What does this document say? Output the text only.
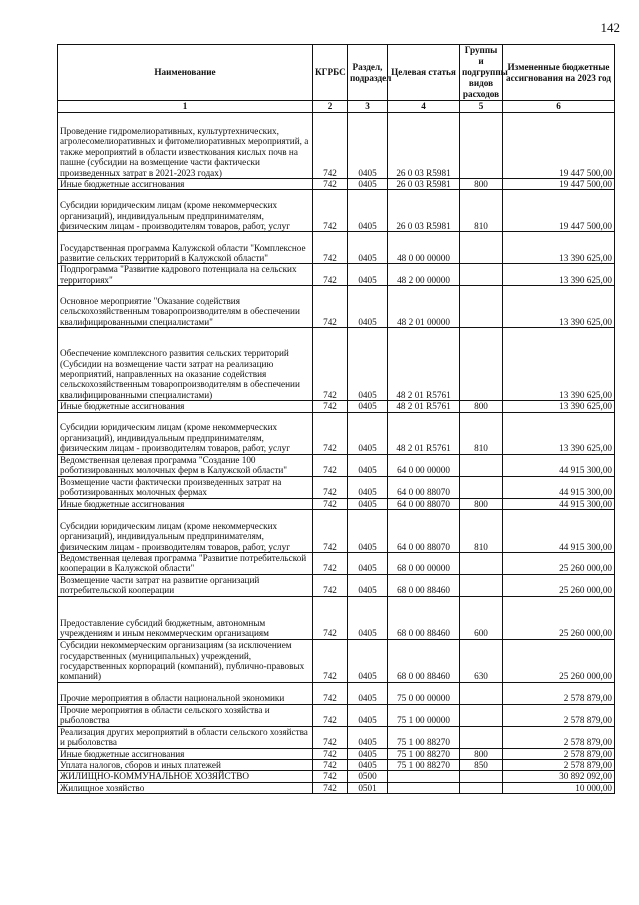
142
Наименование	КГРБС	Раздел, подраздел	Целевая статья	Группы и подгруппы видов расходов	Измененные бюджетные ассигнования на 2023 год
1	2	3	4	5	6
Проведение гидромелиоративных, культуртехнических, агролесомелиоративных и фитомелиоративных мероприятий, а также мероприятий в области известкования кислых почв на пашне (субсидии на возмещение части фактически произведенных затрат в 2021-2023 годах)	742	0405	26 0 03 R5981		19 447 500,00
Иные бюджетные ассигнования	742	0405	26 0 03 R5981	800	19 447 500,00
Субсидии юридическим лицам (кроме некоммерческих организаций), индивидуальным предпринимателям, физическим лицам - производителям товаров, работ, услуг	742	0405	26 0 03 R5981	810	19 447 500,00
Государственная программа Калужской области "Комплексное развитие сельских территорий в Калужской области"	742	0405	48 0 00 00000		13 390 625,00
Подпрограмма "Развитие кадрового потенциала на сельских территориях"	742	0405	48 2 00 00000		13 390 625,00
Основное мероприятие "Оказание содействия сельскохозяйственным товаропроизводителям в обеспечении квалифицированными специалистами"	742	0405	48 2 01 00000		13 390 625,00
Обеспечение комплексного развития сельских территорий (Субсидии на возмещение части затрат на реализацию мероприятий, направленных на оказание содействия сельскохозяйственным товаропроизводителям в обеспечении квалифицированными специалистами)	742	0405	48 2 01 R5761		13 390 625,00
Иные бюджетные ассигнования	742	0405	48 2 01 R5761	800	13 390 625,00
Субсидии юридическим лицам (кроме некоммерческих организаций), индивидуальным предпринимателям, физическим лицам - производителям товаров, работ, услуг	742	0405	48 2 01 R5761	810	13 390 625,00
Ведомственная целевая программа "Создание 100 роботизированных молочных ферм в Калужской области"	742	0405	64 0 00 00000		44 915 300,00
Возмещение части фактически произведенных затрат на роботизированных молочных фермах	742	0405	64 0 00 88070		44 915 300,00
Иные бюджетные ассигнования	742	0405	64 0 00 88070	800	44 915 300,00
Субсидии юридическим лицам (кроме некоммерческих организаций), индивидуальным предпринимателям, физическим лицам - производителям товаров, работ, услуг	742	0405	64 0 00 88070	810	44 915 300,00
Ведомственная целевая программа "Развитие потребительской кооперации в Калужской области"	742	0405	68 0 00 00000		25 260 000,00
Возмещение части затрат на развитие организаций потребительской кооперации	742	0405	68 0 00 88460		25 260 000,00
Предоставление субсидий бюджетным, автономным учреждениям и иным некоммерческим организациям	742	0405	68 0 00 88460	600	25 260 000,00
Субсидии некоммерческим организациям (за исключением государственных (муниципальных) учреждений, государственных корпораций (компаний), публично-правовых компаний)	742	0405	68 0 00 88460	630	25 260 000,00
Прочие мероприятия в области национальной экономики	742	0405	75 0 00 00000		2 578 879,00
Прочие мероприятия в области сельского хозяйства и рыболовства	742	0405	75 1 00 00000		2 578 879,00
Реализация других мероприятий в области сельского хозяйства и рыболовства	742	0405	75 1 00 88270		2 578 879,00
Иные бюджетные ассигнования	742	0405	75 1 00 88270	800	2 578 879,00
Уплата налогов, сборов и иных платежей	742	0405	75 1 00 88270	850	2 578 879,00
ЖИЛИЩНО-КОММУНАЛЬНОЕ ХОЗЯЙСТВО	742	0500			30 892 092,00
Жилищное хозяйство	742	0501			10 000,00
